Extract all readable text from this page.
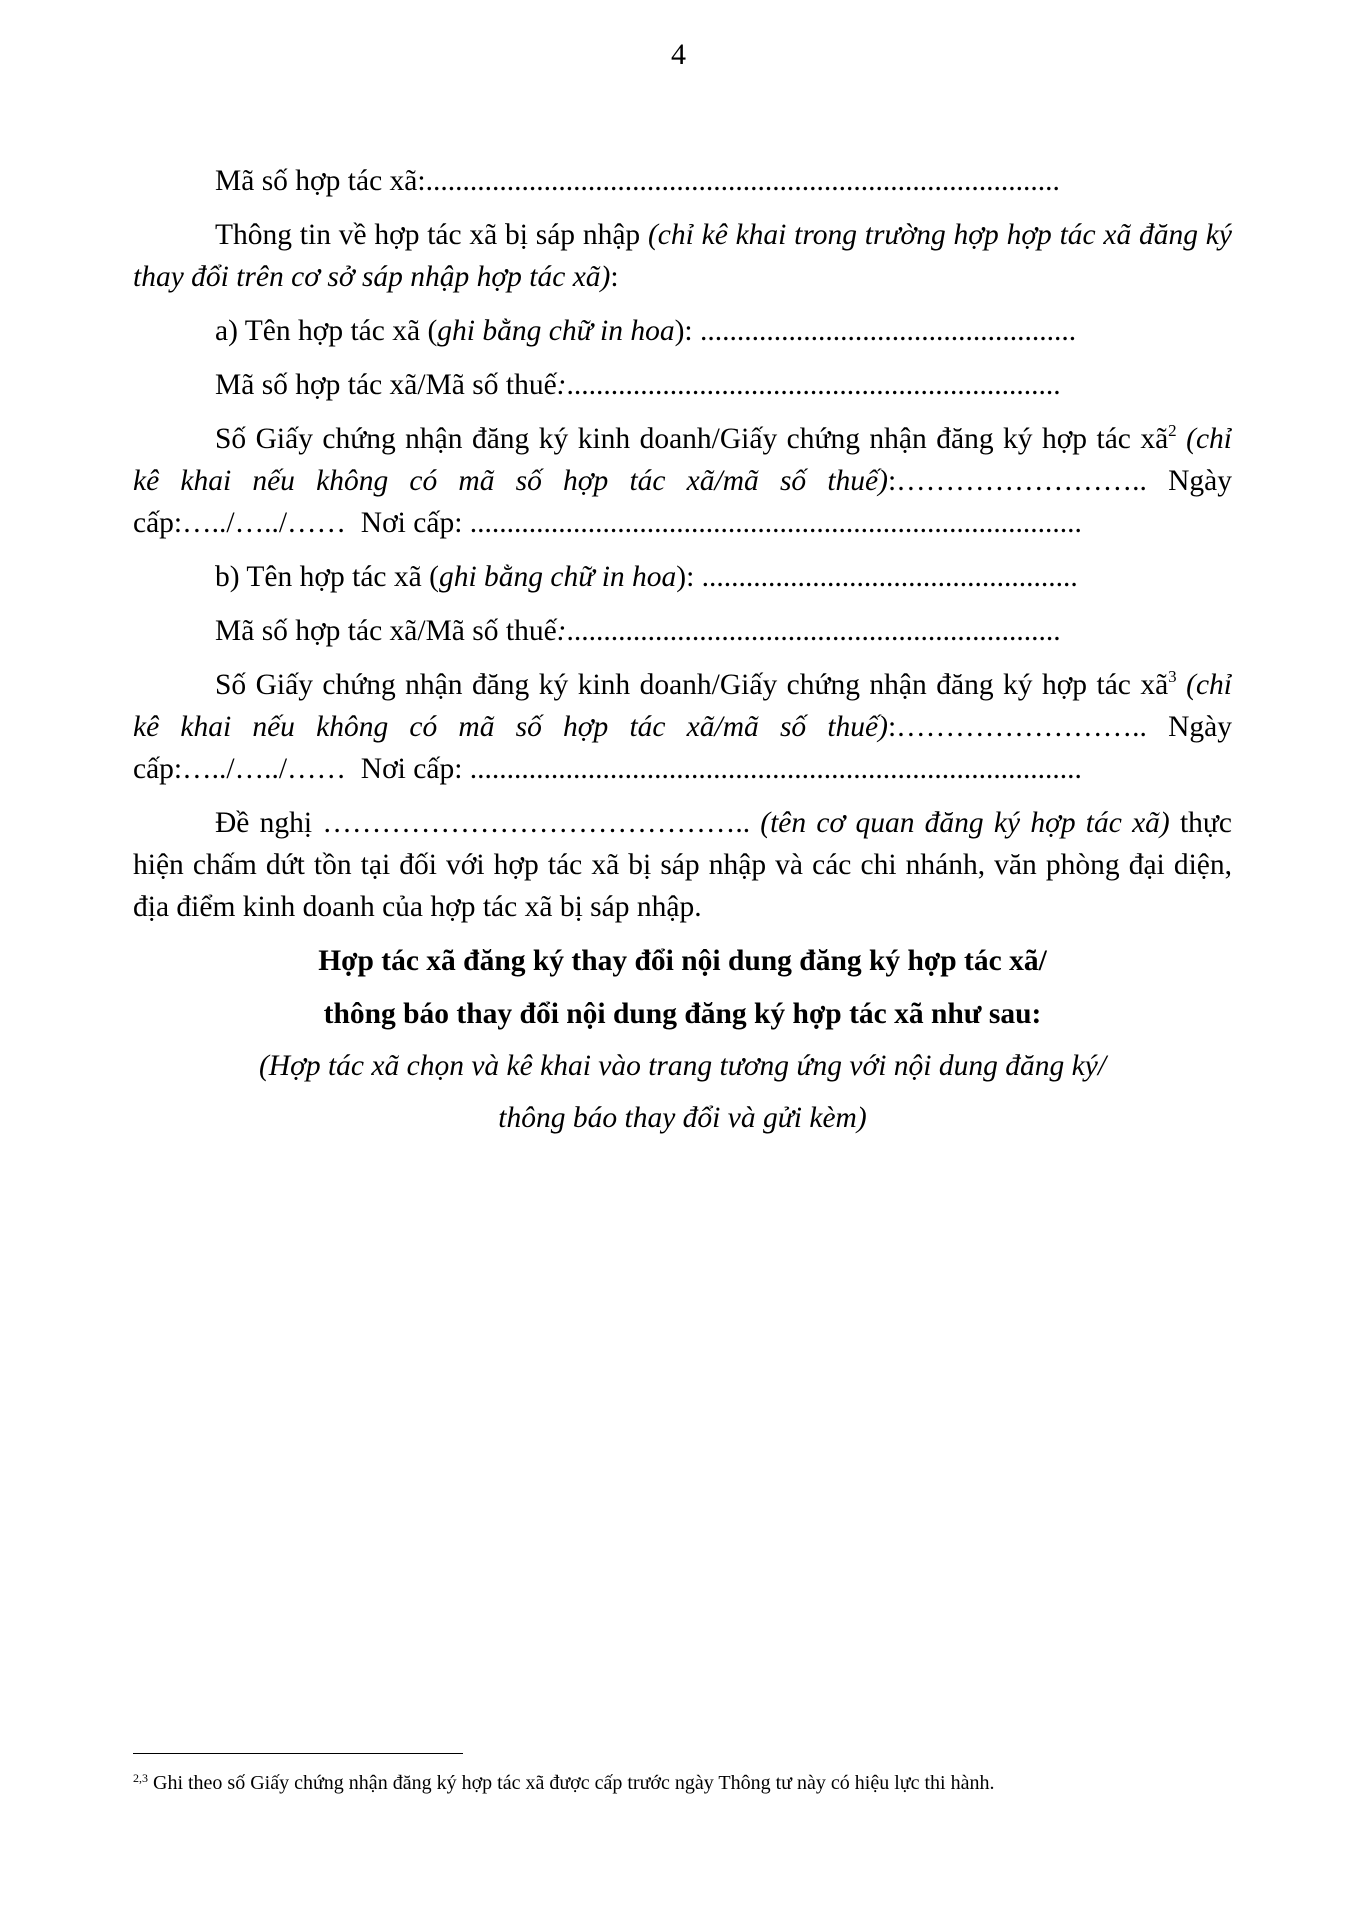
4

Mã số hợp tác xã:......................................................................................

Thông tin về hợp tác xã bị sáp nhập (chỉ kê khai trong trường hợp hợp tác xã đăng ký thay đổi trên cơ sở sáp nhập hợp tác xã):

a) Tên hợp tác xã (ghi bằng chữ in hoa): ...................................................

Mã số hợp tác xã/Mã số thuế:...................................................................

Số Giấy chứng nhận đăng ký kinh doanh/Giấy chứng nhận đăng ký hợp tác $xã^2$ (chỉ kê khai nếu không có mã số hợp tác xã/mã số thuế):…………………….. Ngày cấp:…../…../…… Nơi cấp: ...................................................................................

b) Tên hợp tác xã (ghi bằng chữ in hoa): ...................................................

Mã số hợp tác xã/Mã số thuế:...................................................................

Số Giấy chứng nhận đăng ký kinh doanh/Giấy chứng nhận đăng ký hợp tác $xã^3$ (chỉ kê khai nếu không có mã số hợp tác xã/mã số thuế):…………………….. Ngày cấp:…../…../…… Nơi cấp: ...................................................................................

Đề nghị …………………………………….. (tên cơ quan đăng ký hợp tác xã) thực hiện chấm dứt tồn tại đối với hợp tác xã bị sáp nhập và các chi nhánh, văn phòng đại diện, địa điểm kinh doanh của hợp tác xã bị sáp nhập.

Hợp tác xã đăng ký thay đổi nội dung đăng ký hợp tác xã/

thông báo thay đổi nội dung đăng ký hợp tác xã như sau:

(Hợp tác xã chọn và kê khai vào trang tương ứng với nội dung đăng ký/

thông báo thay đổi và gửi kèm)

$^{2,3}$ Ghi theo số Giấy chứng nhận đăng ký hợp tác xã được cấp trước ngày Thông tư này có hiệu lực thi hành.
